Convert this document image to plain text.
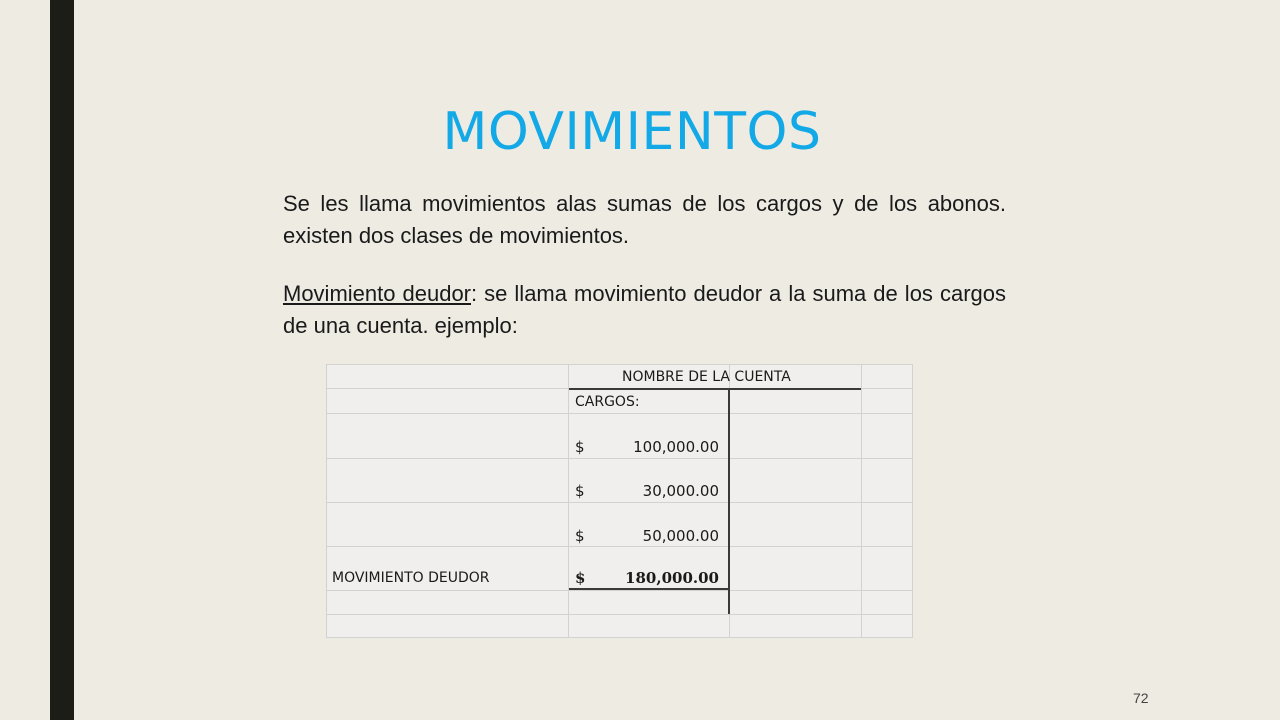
MOVIMIENTOS
Se les llama movimientos alas sumas de los cargos y de los abonos. existen dos clases de movimientos.
Movimiento deudor: se llama movimiento deudor a la suma de los cargos de una cuenta. ejemplo:
NOMBRE DE LA CUENTA
CARGOS:
$	100,000.00
$	30,000.00
$	50,000.00
MOVIMIENTO DEUDOR	$	180,000.00
72
